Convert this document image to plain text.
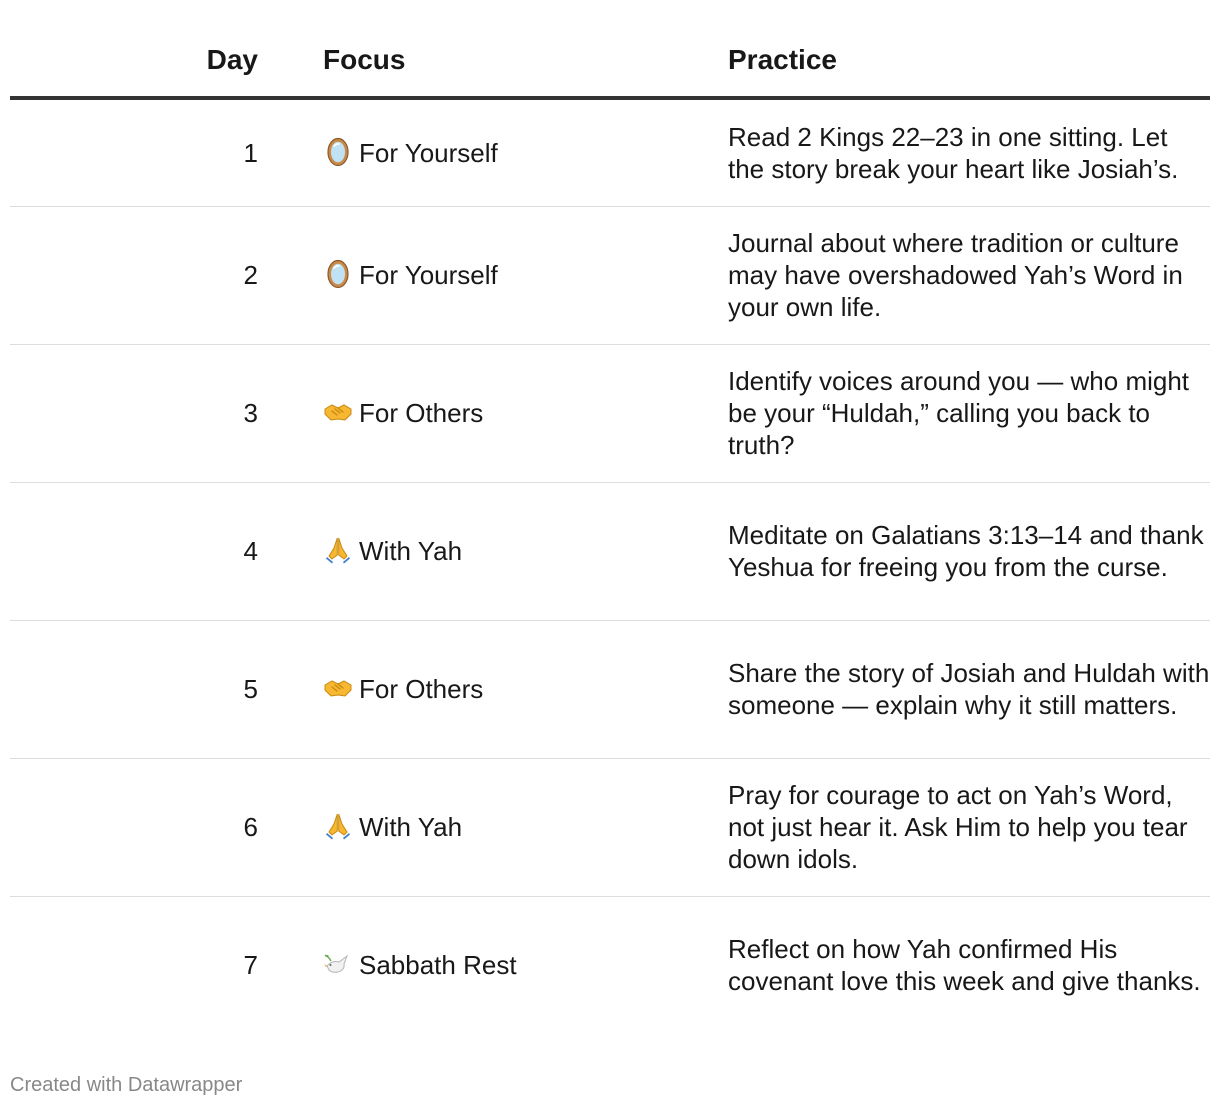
Day	Focus	Practice
1	For Yourself	Read 2 Kings 22–23 in one sitting. Let the story break your heart like Josiah’s.
2	For Yourself	Journal about where tradition or culture may have overshadowed Yah’s Word in your own life.
3	For Others	Identify voices around you — who might be your “Huldah,” calling you back to truth?
4	With Yah	Meditate on Galatians 3:13–14 and thank Yeshua for freeing you from the curse.
5	For Others	Share the story of Josiah and Huldah with someone — explain why it still matters.
6	With Yah	Pray for courage to act on Yah’s Word, not just hear it. Ask Him to help you tear down idols.
7	Sabbath Rest	Reflect on how Yah confirmed His covenant love this week and give thanks.
Created with Datawrapper
